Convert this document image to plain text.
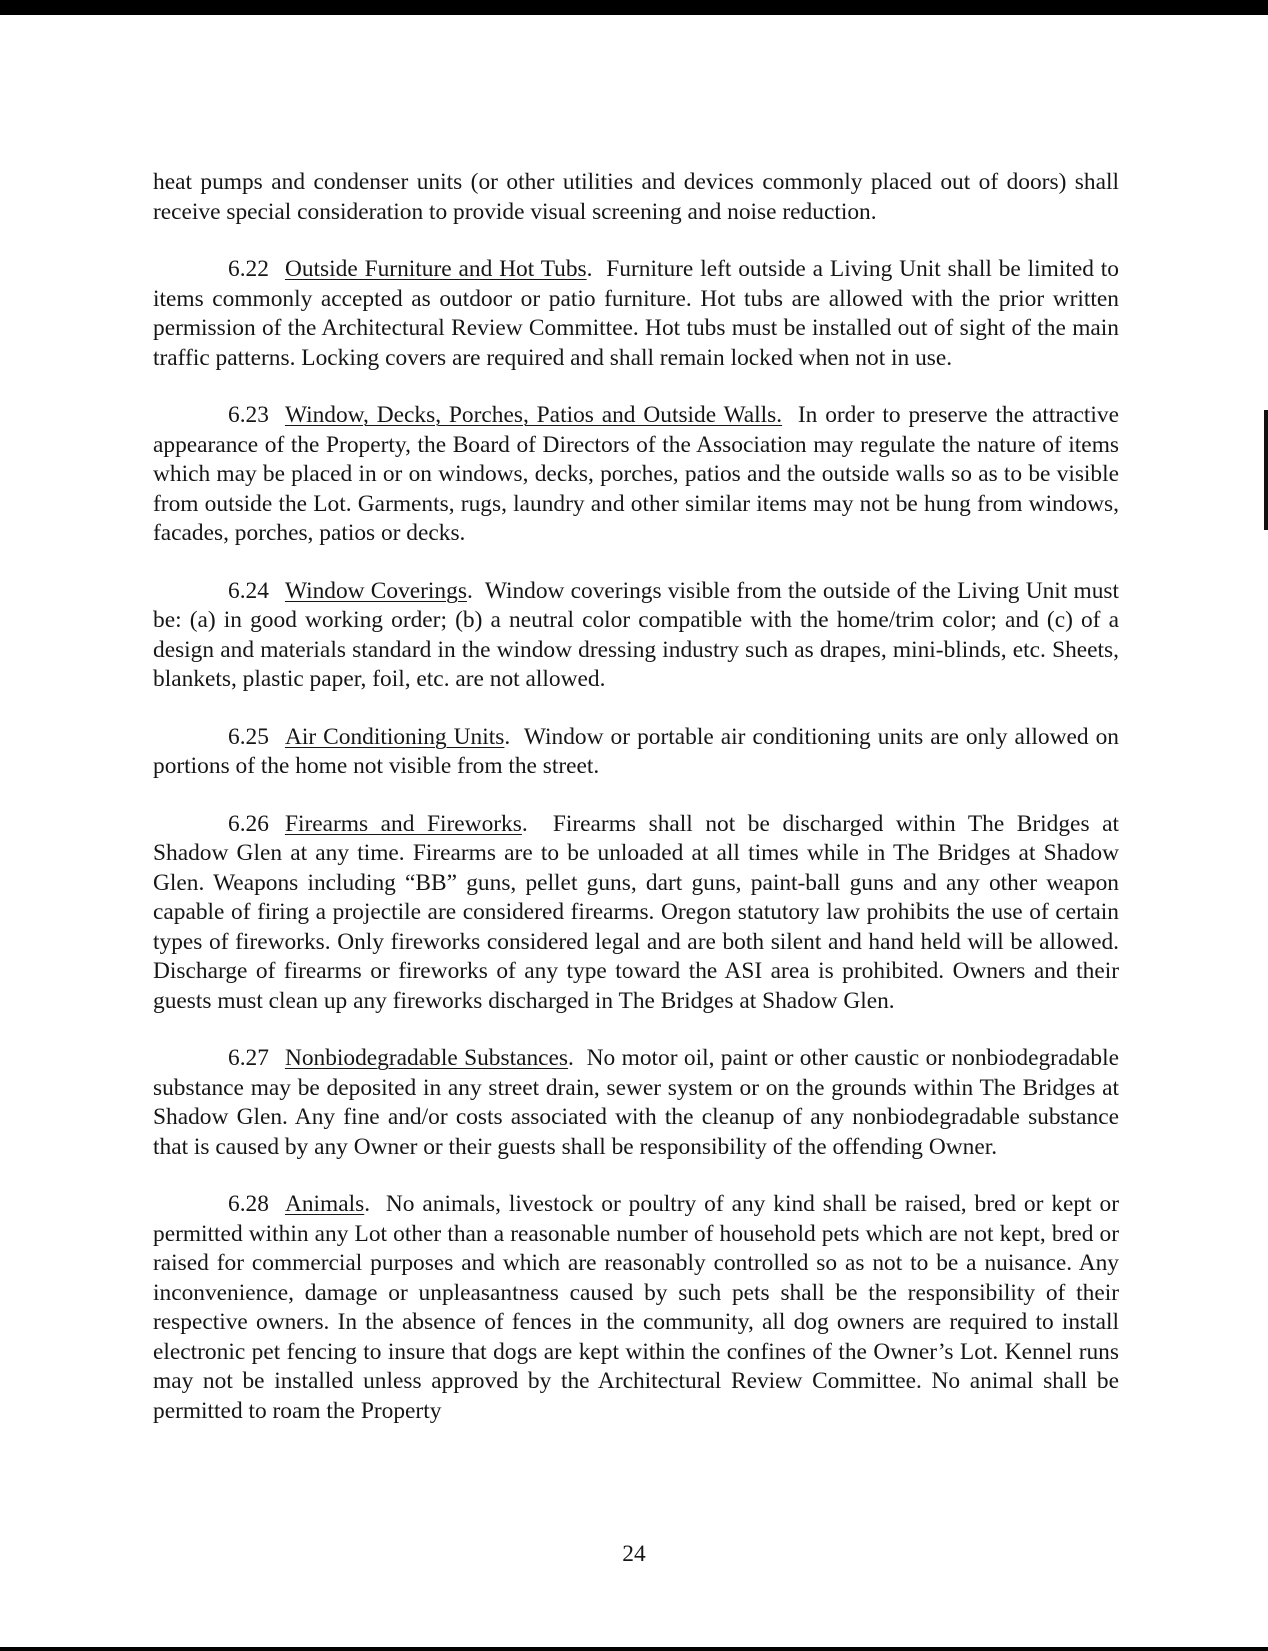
heat pumps and condenser units (or other utilities and devices commonly placed out of doors) shall receive special consideration to provide visual screening and noise reduction.

6.22 Outside Furniture and Hot Tubs. Furniture left outside a Living Unit shall be limited to items commonly accepted as outdoor or patio furniture. Hot tubs are allowed with the prior written permission of the Architectural Review Committee. Hot tubs must be installed out of sight of the main traffic patterns. Locking covers are required and shall remain locked when not in use.

6.23 Window, Decks, Porches, Patios and Outside Walls. In order to preserve the attractive appearance of the Property, the Board of Directors of the Association may regulate the nature of items which may be placed in or on windows, decks, porches, patios and the outside walls so as to be visible from outside the Lot. Garments, rugs, laundry and other similar items may not be hung from windows, facades, porches, patios or decks.

6.24 Window Coverings. Window coverings visible from the outside of the Living Unit must be: (a) in good working order; (b) a neutral color compatible with the home/trim color; and (c) of a design and materials standard in the window dressing industry such as drapes, mini-blinds, etc. Sheets, blankets, plastic paper, foil, etc. are not allowed.

6.25 Air Conditioning Units. Window or portable air conditioning units are only allowed on portions of the home not visible from the street.

6.26 Firearms and Fireworks. Firearms shall not be discharged within The Bridges at Shadow Glen at any time. Firearms are to be unloaded at all times while in The Bridges at Shadow Glen. Weapons including “BB” guns, pellet guns, dart guns, paint-ball guns and any other weapon capable of firing a projectile are considered firearms. Oregon statutory law prohibits the use of certain types of fireworks. Only fireworks considered legal and are both silent and hand held will be allowed. Discharge of firearms or fireworks of any type toward the ASI area is prohibited. Owners and their guests must clean up any fireworks discharged in The Bridges at Shadow Glen.

6.27 Nonbiodegradable Substances. No motor oil, paint or other caustic or nonbiodegradable substance may be deposited in any street drain, sewer system or on the grounds within The Bridges at Shadow Glen. Any fine and/or costs associated with the cleanup of any nonbiodegradable substance that is caused by any Owner or their guests shall be responsibility of the offending Owner.

6.28 Animals. No animals, livestock or poultry of any kind shall be raised, bred or kept or permitted within any Lot other than a reasonable number of household pets which are not kept, bred or raised for commercial purposes and which are reasonably controlled so as not to be a nuisance. Any inconvenience, damage or unpleasantness caused by such pets shall be the responsibility of their respective owners. In the absence of fences in the community, all dog owners are required to install electronic pet fencing to insure that dogs are kept within the confines of the Owner’s Lot. Kennel runs may not be installed unless approved by the Architectural Review Committee. No animal shall be permitted to roam the Property

24
